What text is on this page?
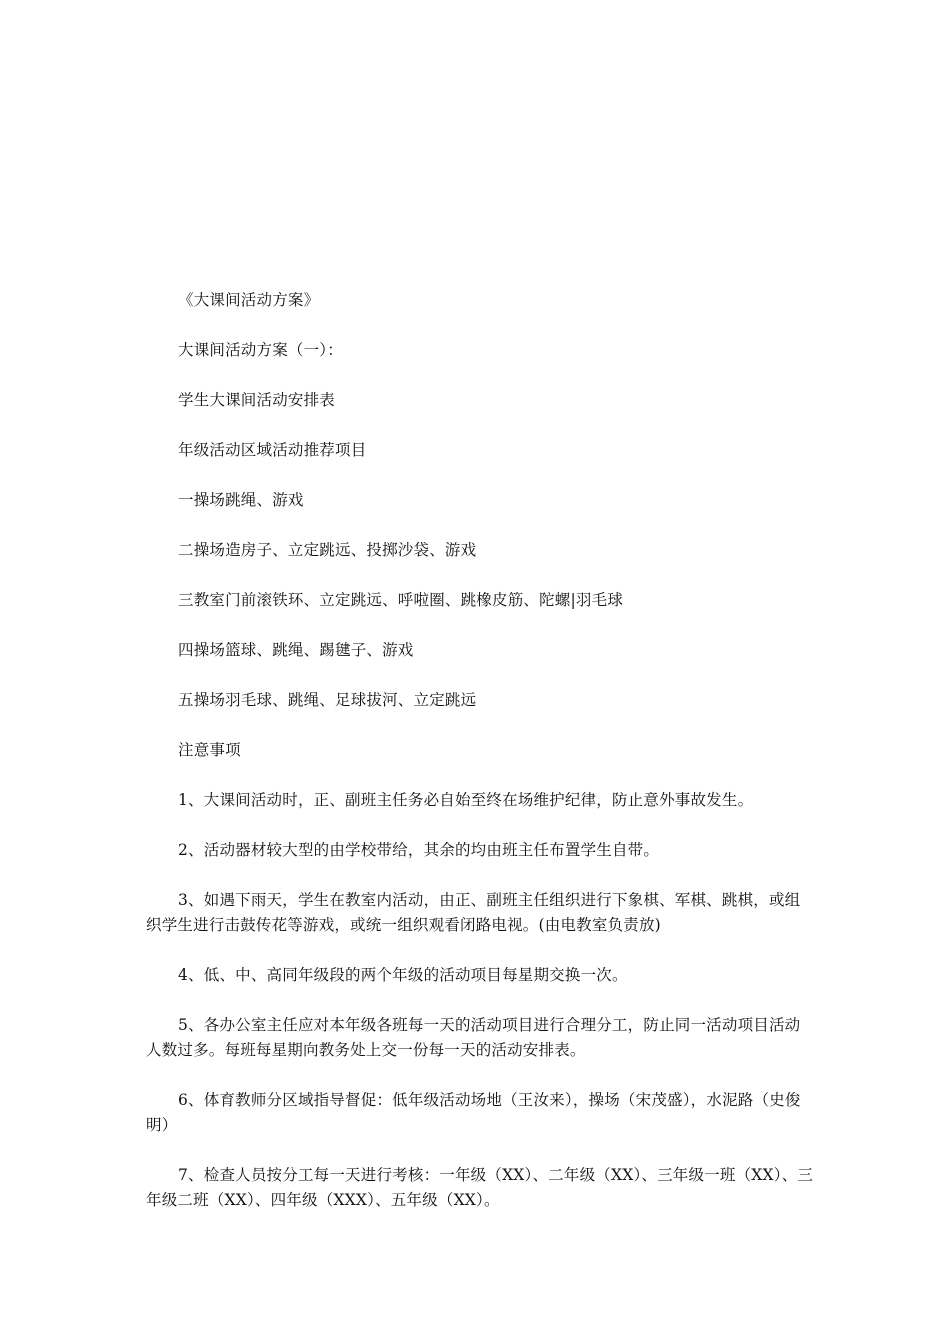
《大课间活动方案》

大课间活动方案（一）：

学生大课间活动安排表

年级活动区域活动推荐项目

一操场跳绳、游戏

二操场造房子、立定跳远、投掷沙袋、游戏

三教室门前滚铁环、立定跳远、呼啦圈、跳橡皮筋、陀螺|羽毛球

四操场篮球、跳绳、踢毽子、游戏

五操场羽毛球、跳绳、足球拔河、立定跳远

注意事项

1、大课间活动时，正、副班主任务必自始至终在场维护纪律，防止意外事故发生。

2、活动器材较大型的由学校带给，其余的均由班主任布置学生自带。

3、如遇下雨天，学生在教室内活动，由正、副班主任组织进行下象棋、军棋、跳棋，或组织学生进行击鼓传花等游戏，或统一组织观看闭路电视。(由电教室负责放)

4、低、中、高同年级段的两个年级的活动项目每星期交换一次。

5、各办公室主任应对本年级各班每一天的活动项目进行合理分工，防止同一活动项目活动人数过多。每班每星期向教务处上交一份每一天的活动安排表。

6、体育教师分区域指导督促：低年级活动场地（王汝来），操场（宋茂盛），水泥路（史俊明）

7、检查人员按分工每一天进行考核：一年级（XX）、二年级（XX）、三年级一班（XX）、三年级二班（XX）、四年级（XXX）、五年级（XX）。
